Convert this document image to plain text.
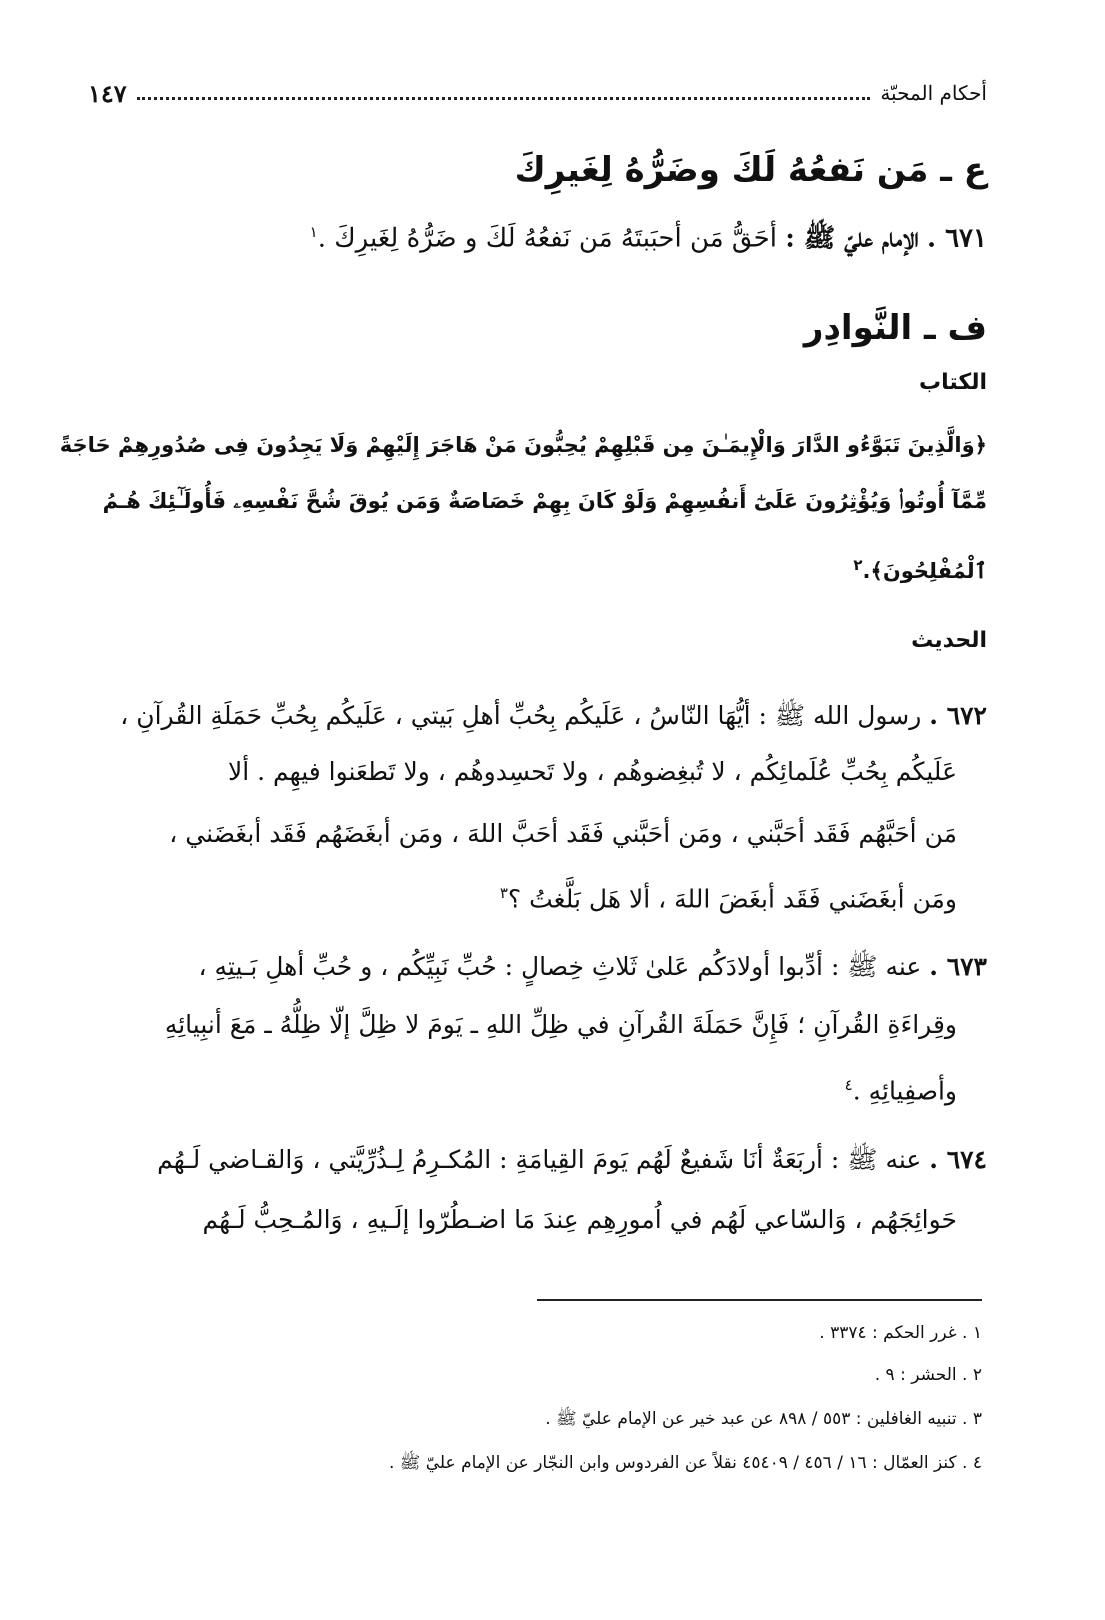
أحكام المحبّة
١٤٧
ع ـ مَن نَفعُهُ لَكَ وضَرُّهُ لِغَيرِكَ
٦٧١ . الإمام عليّ ﷺ : أحَقُّ مَن أحبَبتَهُ مَن نَفعُهُ لَكَ و ضَرُّهُ لِغَيرِكَ .$^١$
ف ـ النَّوادِر
الكتاب
﴿وَالَّذِينَ تَبَوَّءُو الدَّارَ وَالْإِيمَـٰنَ مِن قَبْلِهِمْ يُحِبُّونَ مَنْ هَاجَرَ إِلَيْهِمْ وَلَا يَجِدُونَ فِى صُدُورِهِمْ حَاجَةً
مِّمَّآ أُوتُوا۟ وَيُؤْثِرُونَ عَلَىٰٓ أَنفُسِهِمْ وَلَوْ كَانَ بِهِمْ خَصَاصَةٌ وَمَن يُوقَ شُحَّ نَفْسِهِۦ فَأُولَـٰٓئِكَ هُـمُ
ٱلْمُفْلِحُونَ﴾.$^٢$
الحديث
٦٧٢ . رسول الله ﷺ : أيُّهَا النّاسُ ، عَلَيكُم بِحُبِّ أهلِ بَيتي ، عَلَيكُم بِحُبِّ حَمَلَةِ القُرآنِ ،
عَلَيكُم بِحُبِّ عُلَمائِكُم ، لا تُبغِضوهُم ، ولا تَحسِدوهُم ، ولا تَطعَنوا فيهِم . ألا
مَن أحَبَّهُم فَقَد أحَبَّني ، ومَن أحَبَّني فَقَد أحَبَّ اللهَ ، ومَن أبغَضَهُم فَقَد أبغَضَني ،
ومَن أبغَضَني فَقَد أبغَضَ اللهَ ، ألا هَل بَلَّغتُ ؟$^٣$
٦٧٣ . عنه ﷺ : أدِّبوا أولادَكُم عَلىٰ ثَلاثِ خِصالٍ : حُبِّ نَبِيِّكُم ، و حُبِّ أهلِ بَـيتِهِ ،
وقِراءَةِ القُرآنِ ؛ فَإِنَّ حَمَلَةَ القُرآنِ في ظِلِّ اللهِ ـ يَومَ لا ظِلَّ إلّا ظِلُّهُ ـ مَعَ أنبِيائِهِ
وأصفِيائِهِ .$^٤$
٦٧٤ . عنه ﷺ : أربَعَةٌ أنَا شَفيعٌ لَهُم يَومَ القِيامَةِ : المُكـرِمُ لِـذُرِّيَّتي ، وَالقـاضي لَـهُم
حَوائِجَهُم ، وَالسّاعي لَهُم في اُمورِهِم عِندَ مَا اضـطُرّوا إلَـيهِ ، وَالمُـحِبُّ لَـهُم
١ . غرر الحكم : ٣٣٧٤ .
٢ . الحشر : ٩ .
٣ . تنبيه الغافلين : ٥٥٣ / ٨٩٨ عن عبد خير عن الإمام عليّ ﷺ .
٤ . كنز العمّال : ١٦ / ٤٥٦ / ٤٥٤٠٩ نقلاً عن الفردوس وابن النجّار عن الإمام عليّ ﷺ .
